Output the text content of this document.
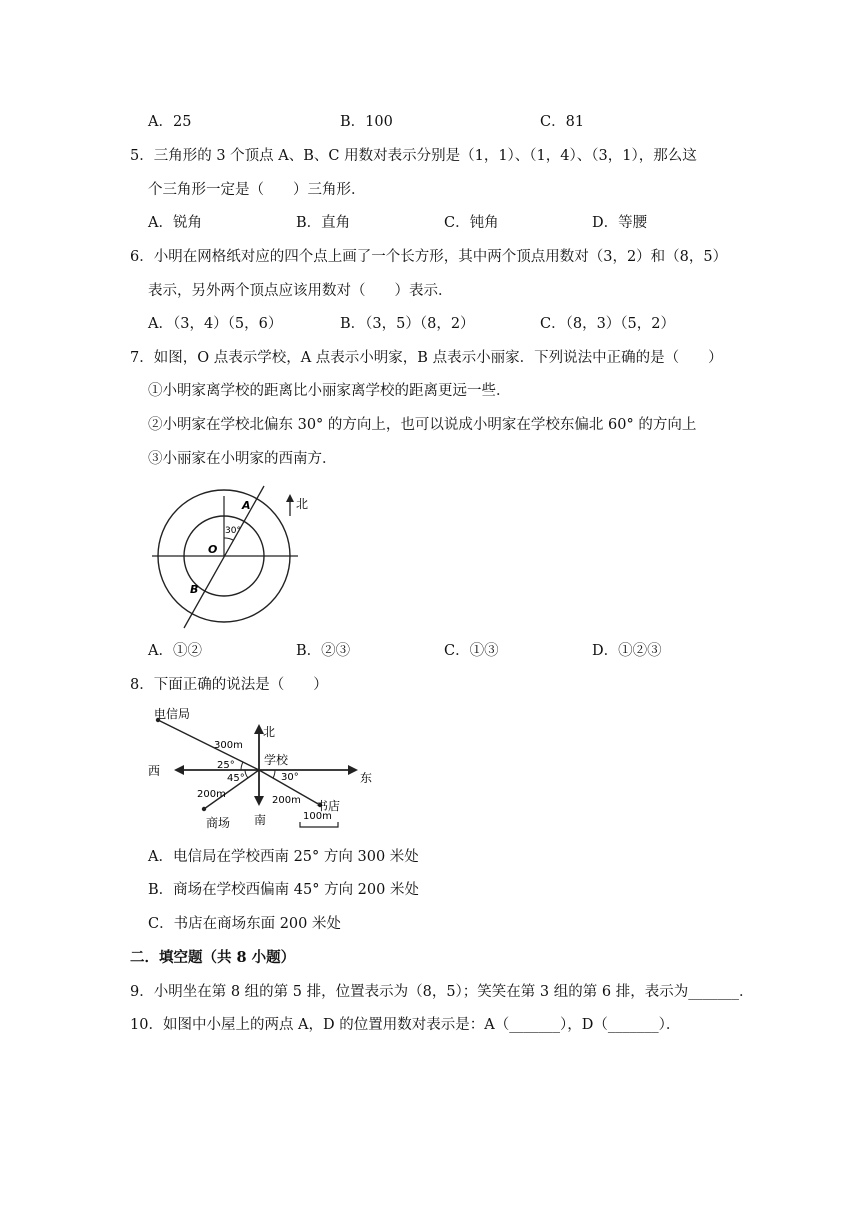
A．25	B．100	C．81
5．三角形的 3 个顶点 A、B、C 用数对表示分别是（1，1）、（1，4）、（3，1），那么这
个三角形一定是（　　）三角形．
A．锐角	B．直角	C．钝角	D．等腰
6．小明在网格纸对应的四个点上画了一个长方形，其中两个顶点用数对（3，2）和（8，5）
表示，另外两个顶点应该用数对（　　）表示．
A．（3，4）（5，6）	B．（3，5）（8，2）	C．（8，3）（5，2）
7．如图，O 点表示学校，A 点表示小明家，B 点表示小丽家．下列说法中正确的是（　　）
①小明家离学校的距离比小丽家离学校的距离更远一些．
②小明家在学校北偏东 30° 的方向上，也可以说成小明家在学校东偏北 60° 的方向上
③小丽家在小明家的西南方．
30°
A
O
B
北
A．①②	B．②③	C．①③	D．①②③
8．下面正确的说法是（　　）
电信局
300m
北
学校
西	东
25°
45°	30°
200m
200m 书店
商场 南	100m
A．电信局在学校西南 25° 方向 300 米处
B．商场在学校西偏南 45° 方向 200 米处
C．书店在商场东面 200 米处
二．填空题（共 8 小题）
9．小明坐在第 8 组的第 5 排，位置表示为（8，5）；笑笑在第 3 组的第 6 排，表示为_______．
10．如图中小屋上的两点 A，D 的位置用数对表示是：A（_______），D（_______）．
